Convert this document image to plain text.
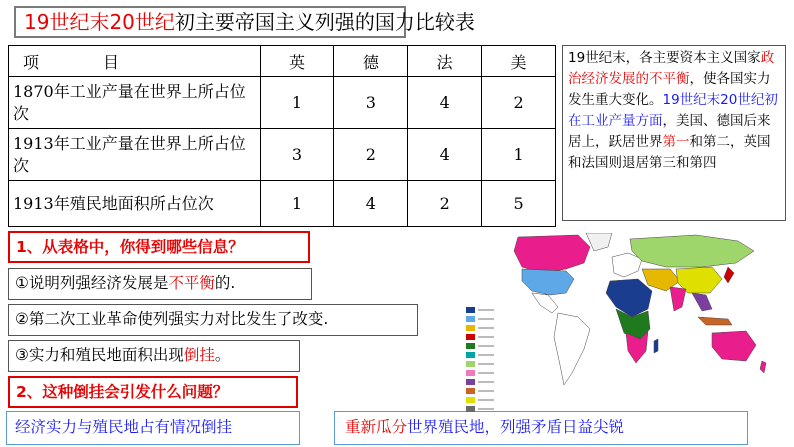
19世纪末20世纪初主要帝国主义列强的国力比较表
项　　　　目	英	德	法	美
1870年工业产量在世界上所占位次	1	3	4	2
1913年工业产量在世界上所占位次	3	2	4	1
1913年殖民地面积所占位次	1	4	2	5
19世纪末，各主要资本主义国家政治经济发展的不平衡，使各国实力发生重大变化。19世纪末20世纪初在工业产量方面，美国、德国后来居上，跃居世界第一和第二，英国和法国则退居第三和第四
1、从表格中，你得到哪些信息？
①说明列强经济发展是不平衡的.
②第二次工业革命使列强实力对比发生了改变.
③实力和殖民地面积出现倒挂。
2、这种倒挂会引发什么问题？
经济实力与殖民地占有情况倒挂	重新瓜分世界殖民地，列强矛盾日益尖锐
